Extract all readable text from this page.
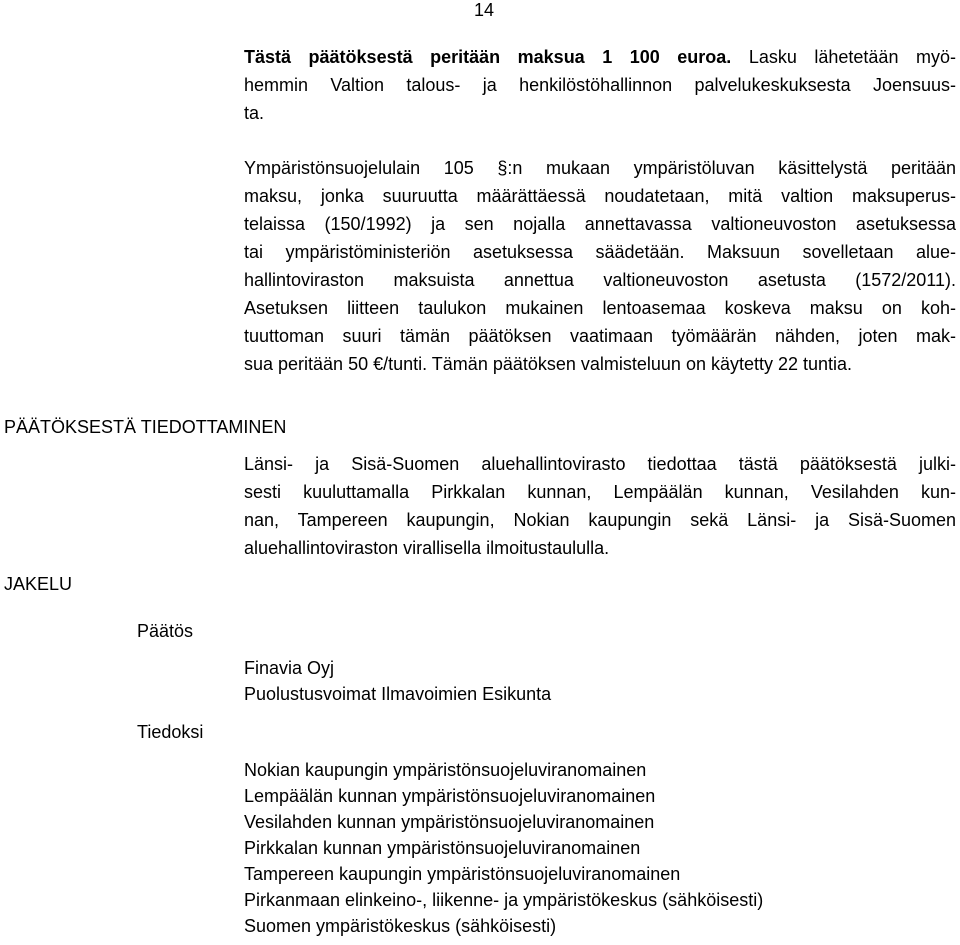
14
Tästä päätöksestä peritään maksua 1 100 euroa. Lasku lähetetään myö-
hemmin Valtion talous- ja henkilöstöhallinnon palvelukeskuksesta Joensuus-
ta.
Ympäristönsuojelulain 105 §:n mukaan ympäristöluvan käsittelystä peritään
maksu, jonka suuruutta määrättäessä noudatetaan, mitä valtion maksuperus-
telaissa (150/1992) ja sen nojalla annettavassa valtioneuvoston asetuksessa
tai ympäristöministeriön asetuksessa säädetään. Maksuun sovelletaan alue-
hallintoviraston maksuista annettua valtioneuvoston asetusta (1572/2011).
Asetuksen liitteen taulukon mukainen lentoasemaa koskeva maksu on koh-
tuuttoman suuri tämän päätöksen vaatimaan työmäärän nähden, joten mak-
sua peritään 50 €/tunti. Tämän päätöksen valmisteluun on käytetty 22 tuntia.
PÄÄTÖKSESTÄ TIEDOTTAMINEN
Länsi- ja Sisä-Suomen aluehallintovirasto tiedottaa tästä päätöksestä julki-
sesti kuuluttamalla Pirkkalan kunnan, Lempäälän kunnan, Vesilahden kun-
nan, Tampereen kaupungin, Nokian kaupungin sekä Länsi- ja Sisä-Suomen
aluehallintoviraston virallisella ilmoitustaululla.
JAKELU
Päätös
Finavia Oyj
Puolustusvoimat Ilmavoimien Esikunta
Tiedoksi
Nokian kaupungin ympäristönsuojeluviranomainen
Lempäälän kunnan ympäristönsuojeluviranomainen
Vesilahden kunnan ympäristönsuojeluviranomainen
Pirkkalan kunnan ympäristönsuojeluviranomainen
Tampereen kaupungin ympäristönsuojeluviranomainen
Pirkanmaan elinkeino-, liikenne- ja ympäristökeskus (sähköisesti)
Suomen ympäristökeskus (sähköisesti)
